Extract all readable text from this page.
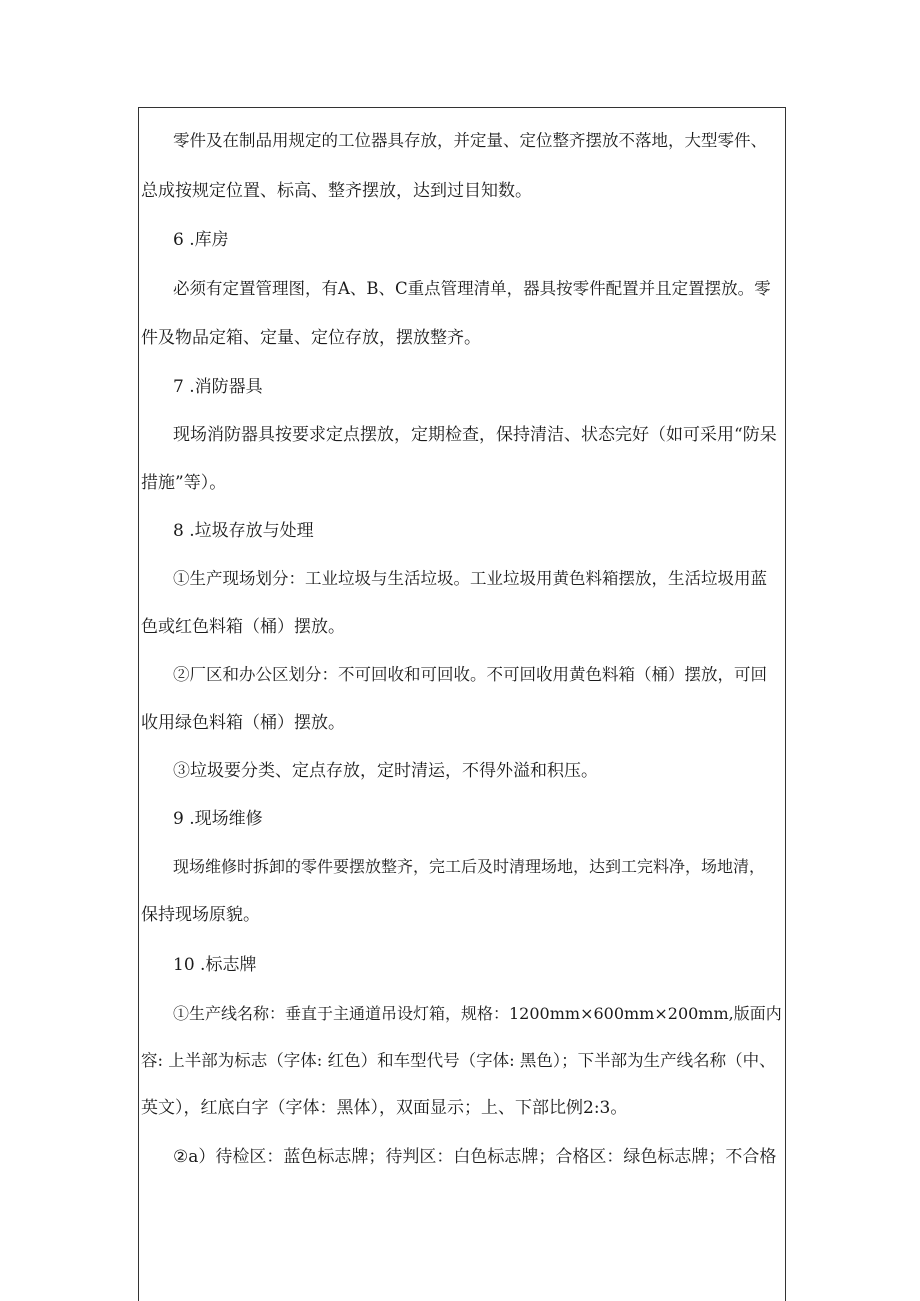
零件及在制品用规定的工位器具存放，并定量、定位整齐摆放不落地，大型零件、
总成按规定位置、标高、整齐摆放，达到过目知数。
6 .库房
必须有定置管理图，有A、B、C重点管理清单，器具按零件配置并且定置摆放。零
件及物品定箱、定量、定位存放，摆放整齐。
7 .消防器具
现场消防器具按要求定点摆放，定期检查，保持清洁、状态完好（如可采用“防呆
措施”等）。
8 .垃圾存放与处理
①生产现场划分：工业垃圾与生活垃圾。工业垃圾用黄色料箱摆放，生活垃圾用蓝
色或红色料箱（桶）摆放。
②厂区和办公区划分：不可回收和可回收。不可回收用黄色料箱（桶）摆放，可回
收用绿色料箱（桶）摆放。
③垃圾要分类、定点存放，定时清运，不得外溢和积压。
9 .现场维修
现场维修时拆卸的零件要摆放整齐，完工后及时清理场地，达到工完料净，场地清，
保持现场原貌。
10 .标志牌
①生产线名称：垂直于主通道吊设灯箱，规格：1200mm×600mm×200mm,版面内
容: 上半部为标志（字体: 红色）和车型代号（字体: 黑色）；下半部为生产线名称（中、
英文），红底白字（字体：黑体），双面显示；上、下部比例2:3。
②a）待检区：蓝色标志牌；待判区：白色标志牌；合格区：绿色标志牌；不合格
